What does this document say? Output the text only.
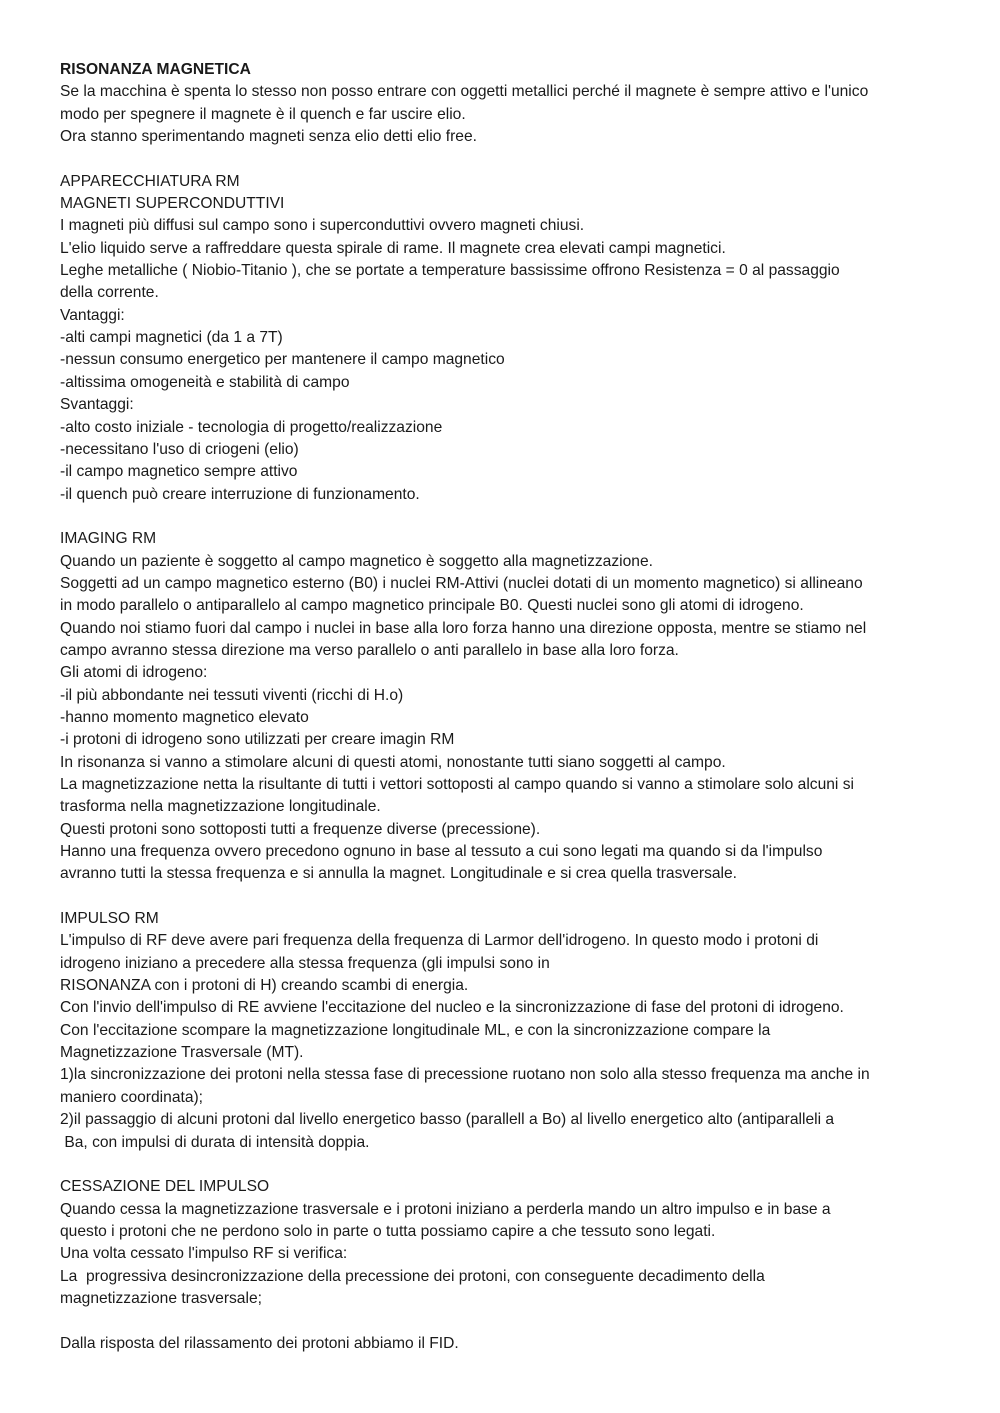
RISONANZA MAGNETICA
Se la macchina è spenta lo stesso non posso entrare con oggetti metallici perché il magnete è sempre attivo e l'unico
modo per spegnere il magnete è il quench e far uscire elio.
Ora stanno sperimentando magneti senza elio detti elio free.
APPARECCHIATURA RM
MAGNETI SUPERCONDUTTIVI
I magneti più diffusi sul campo sono i superconduttivi ovvero magneti chiusi.
L'elio liquido serve a raffreddare questa spirale di rame. Il magnete crea elevati campi magnetici.
Leghe metalliche ( Niobio-Titanio ), che se portate a temperature bassissime offrono Resistenza = 0 al passaggio
della corrente.
Vantaggi:
-alti campi magnetici (da 1 a 7T)
-nessun consumo energetico per mantenere il campo magnetico
-altissima omogeneità e stabilità di campo
Svantaggi:
-alto costo iniziale - tecnologia di progetto/realizzazione
-necessitano l'uso di criogeni (elio)
-il campo magnetico sempre attivo
-il quench può creare interruzione di funzionamento.
IMAGING RM
Quando un paziente è soggetto al campo magnetico è soggetto alla magnetizzazione.
Soggetti ad un campo magnetico esterno (B0) i nuclei RM-Attivi (nuclei dotati di un momento magnetico) si allineano
in modo parallelo o antiparallelo al campo magnetico principale B0. Questi nuclei sono gli atomi di idrogeno.
Quando noi stiamo fuori dal campo i nuclei in base alla loro forza hanno una direzione opposta, mentre se stiamo nel
campo avranno stessa direzione ma verso parallelo o anti parallelo in base alla loro forza.
Gli atomi di idrogeno:
-il più abbondante nei tessuti viventi (ricchi di H.o)
-hanno momento magnetico elevato
-i protoni di idrogeno sono utilizzati per creare imagin RM
In risonanza si vanno a stimolare alcuni di questi atomi, nonostante tutti siano soggetti al campo.
La magnetizzazione netta la risultante di tutti i vettori sottoposti al campo quando si vanno a stimolare solo alcuni si
trasforma nella magnetizzazione longitudinale.
Questi protoni sono sottoposti tutti a frequenze diverse (precessione).
Hanno una frequenza ovvero precedono ognuno in base al tessuto a cui sono legati ma quando si da l'impulso
avranno tutti la stessa frequenza e si annulla la magnet. Longitudinale e si crea quella trasversale.
IMPULSO RM
L'impulso di RF deve avere pari frequenza della frequenza di Larmor dell'idrogeno. In questo modo i protoni di
idrogeno iniziano a precedere alla stessa frequenza (gli impulsi sono in
RISONANZA con i protoni di H) creando scambi di energia.
Con l'invio dell'impulso di RE avviene l'eccitazione del nucleo e la sincronizzazione di fase del protoni di idrogeno.
Con l'eccitazione scompare la magnetizzazione longitudinale ML, e con la sincronizzazione compare la
Magnetizzazione Trasversale (MT).
1)la sincronizzazione dei protoni nella stessa fase di precessione ruotano non solo alla stesso frequenza ma anche in
maniero coordinata);
2)il passaggio di alcuni protoni dal livello energetico basso (parallell a Bo) al livello energetico alto (antiparalleli a
Ba, con impulsi di durata di intensità doppia.
CESSAZIONE DEL IMPULSO
Quando cessa la magnetizzazione trasversale e i protoni iniziano a perderla mando un altro impulso e in base a
questo i protoni che ne perdono solo in parte o tutta possiamo capire a che tessuto sono legati.
Una volta cessato l'impulso RF si verifica:
La  progressiva desincronizzazione della precessione dei protoni, con conseguente decadimento della
magnetizzazione trasversale;
Dalla risposta del rilassamento dei protoni abbiamo il FID.
